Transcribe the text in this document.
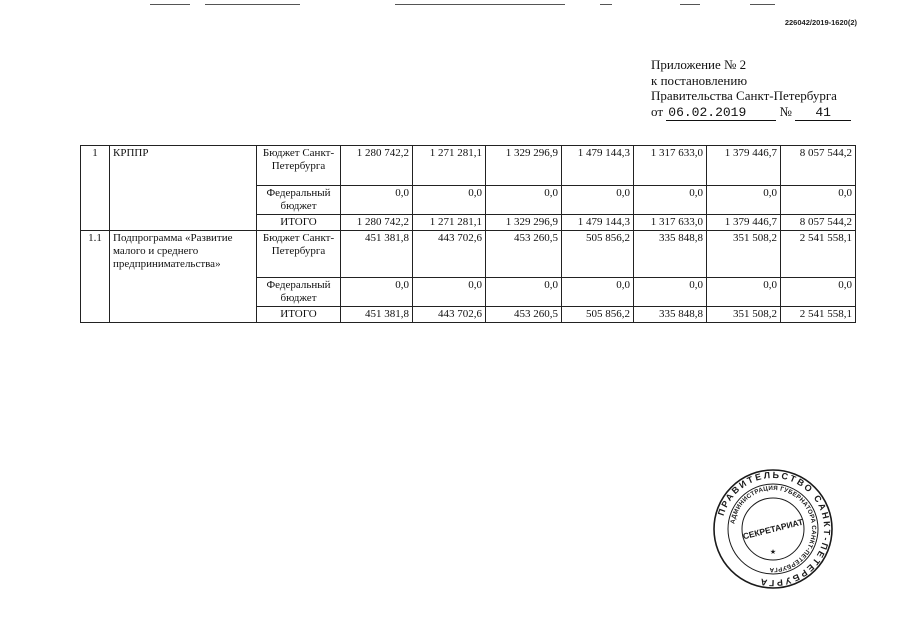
226042/2019-1620(2)
Приложение № 2
к постановлению
Правительства Санкт-Петербурга
от 06.02.2019	№ 41
1	КРППР	Бюджет Санкт-Петербурга	1 280 742,2	1 271 281,1	1 329 296,9	1 479 144,3	1 317 633,0	1 379 446,7	8 057 544,2
		Федеральный бюджет	0,0	0,0	0,0	0,0	0,0	0,0	0,0
		ИТОГО	1 280 742,2	1 271 281,1	1 329 296,9	1 479 144,3	1 317 633,0	1 379 446,7	8 057 544,2
1.1	Подпрограмма «Развитие малого и среднего предпринимательства»	Бюджет Санкт-Петербурга	451 381,8	443 702,6	453 260,5	505 856,2	335 848,8	351 508,2	2 541 558,1
		Федеральный бюджет	0,0	0,0	0,0	0,0	0,0	0,0	0,0
		ИТОГО	451 381,8	443 702,6	453 260,5	505 856,2	335 848,8	351 508,2	2 541 558,1
ПРАВИТЕЛЬСТВО САНКТ-ПЕТЕРБУРГА
АДМИНИСТРАЦИЯ ГУБЕРНАТОРА САНКТ-ПЕТЕРБУРГА
СЕКРЕТАРИАТ
★
